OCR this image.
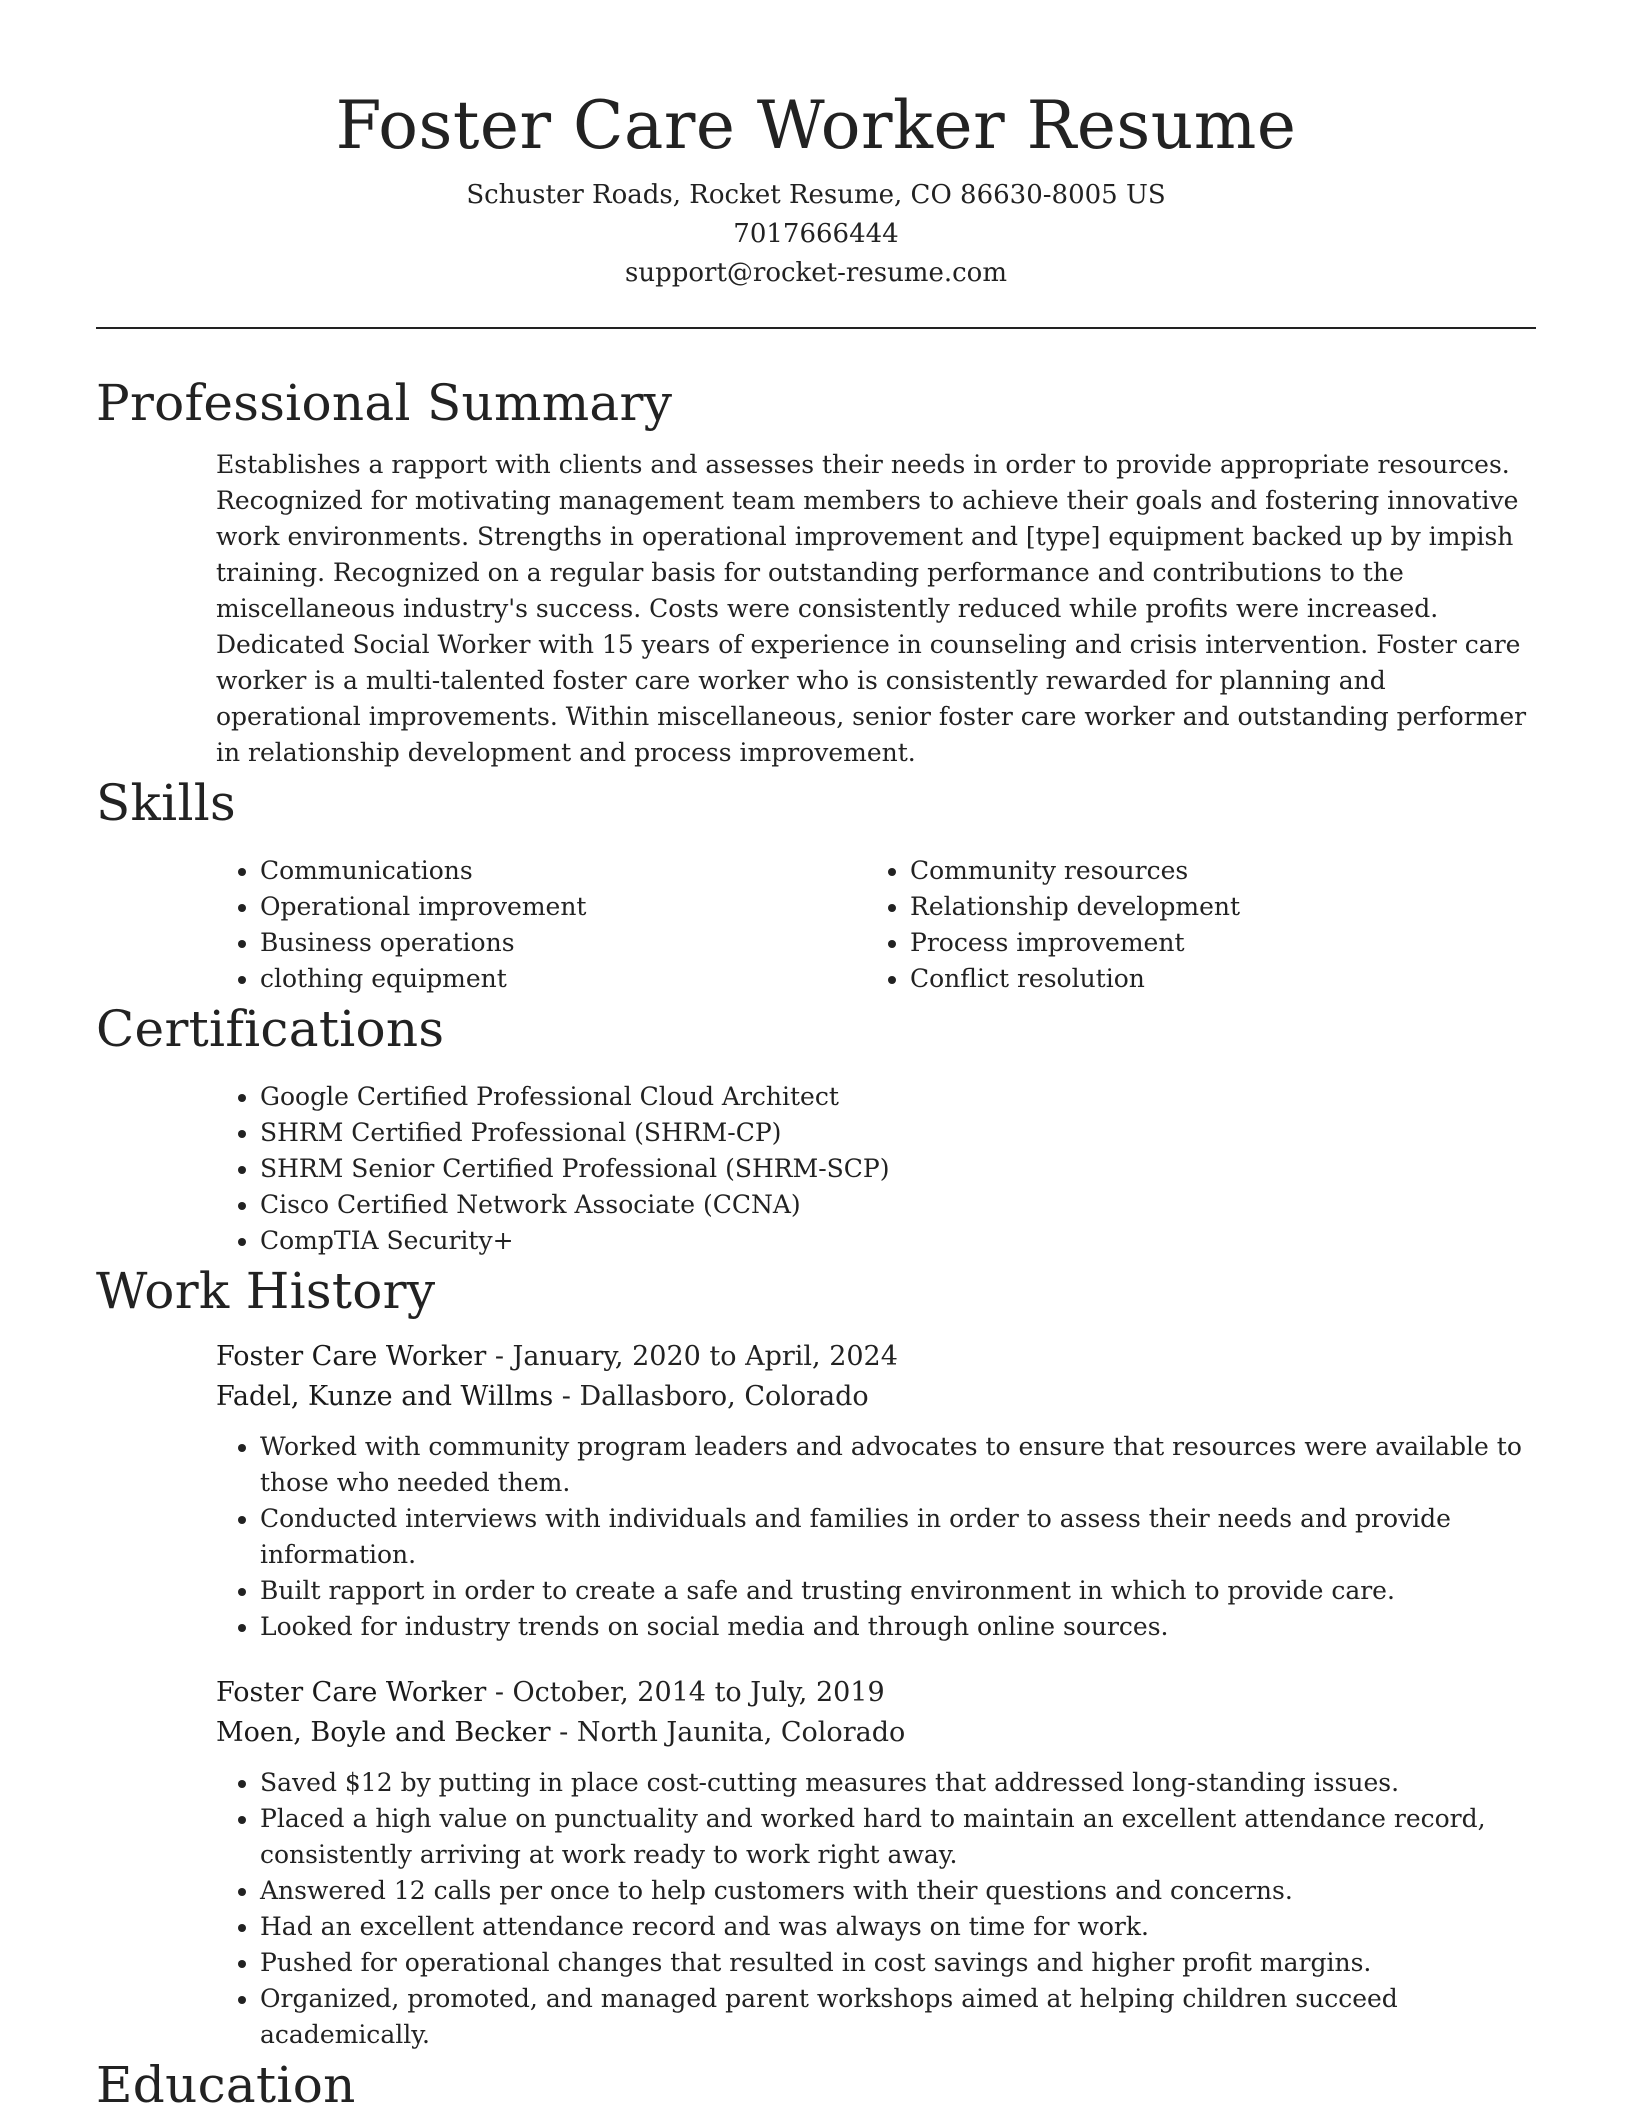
Foster Care Worker Resume
Schuster Roads, Rocket Resume, CO 86630-8005 US
7017666444
support@rocket-resume.com
Professional Summary
Establishes a rapport with clients and assesses their needs in order to provide appropriate resources. Recognized for motivating management team members to achieve their goals and fostering innovative work environments. Strengths in operational improvement and [type] equipment backed up by impish training. Recognized on a regular basis for outstanding performance and contributions to the miscellaneous industry's success. Costs were consistently reduced while profits were increased. Dedicated Social Worker with 15 years of experience in counseling and crisis intervention. Foster care worker is a multi-talented foster care worker who is consistently rewarded for planning and operational improvements. Within miscellaneous, senior foster care worker and outstanding performer in relationship development and process improvement.
Skills
• Communications
• Operational improvement
• Business operations
• clothing equipment
• Community resources
• Relationship development
• Process improvement
• Conflict resolution
Certifications
• Google Certified Professional Cloud Architect
• SHRM Certified Professional (SHRM-CP)
• SHRM Senior Certified Professional (SHRM-SCP)
• Cisco Certified Network Associate (CCNA)
• CompTIA Security+
Work History
Foster Care Worker - January, 2020 to April, 2024
Fadel, Kunze and Willms - Dallasboro, Colorado
• Worked with community program leaders and advocates to ensure that resources were available to those who needed them.
• Conducted interviews with individuals and families in order to assess their needs and provide information.
• Built rapport in order to create a safe and trusting environment in which to provide care.
• Looked for industry trends on social media and through online sources.
Foster Care Worker - October, 2014 to July, 2019
Moen, Boyle and Becker - North Jaunita, Colorado
• Saved $12 by putting in place cost-cutting measures that addressed long-standing issues.
• Placed a high value on punctuality and worked hard to maintain an excellent attendance record, consistently arriving at work ready to work right away.
• Answered 12 calls per once to help customers with their questions and concerns.
• Had an excellent attendance record and was always on time for work.
• Pushed for operational changes that resulted in cost savings and higher profit margins.
• Organized, promoted, and managed parent workshops aimed at helping children succeed academically.
Education
